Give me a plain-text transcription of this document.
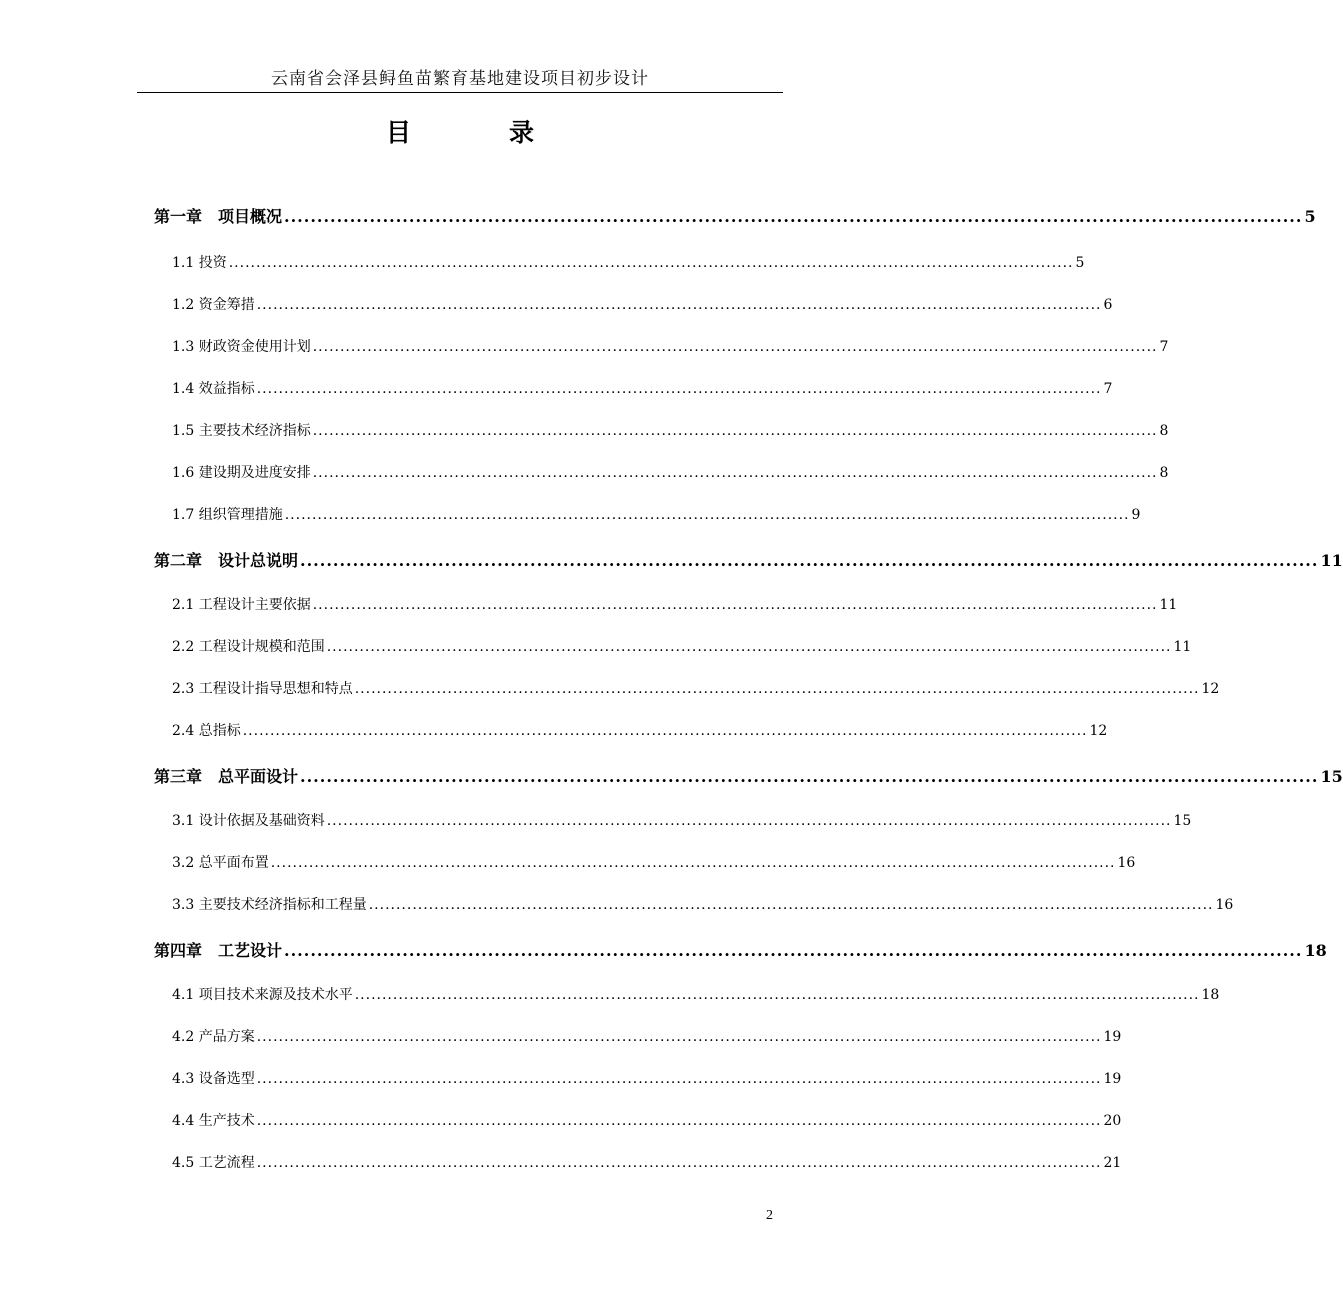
云南省会泽县鲟鱼苗繁育基地建设项目初步设计
目	录
第一章 项目概况 ........................................................................................................................................................... 5
1.1 投资 ........................................................................................................................................................... 5
1.2 资金筹措 ........................................................................................................................................................... 6
1.3 财政资金使用计划 ........................................................................................................................................................... 7
1.4 效益指标 ........................................................................................................................................................... 7
1.5 主要技术经济指标 ........................................................................................................................................................... 8
1.6 建设期及进度安排 ........................................................................................................................................................... 8
1.7 组织管理措施 ........................................................................................................................................................... 9
第二章 设计总说明 ........................................................................................................................................................... 11
2.1 工程设计主要依据 ........................................................................................................................................................... 11
2.2 工程设计规模和范围 ........................................................................................................................................................... 11
2.3 工程设计指导思想和特点 ........................................................................................................................................................... 12
2.4 总指标 ........................................................................................................................................................... 12
第三章 总平面设计 ........................................................................................................................................................... 15
3.1 设计依据及基础资料 ........................................................................................................................................................... 15
3.2 总平面布置 ........................................................................................................................................................... 16
3.3 主要技术经济指标和工程量 ........................................................................................................................................................... 16
第四章 工艺设计 ........................................................................................................................................................... 18
4.1 项目技术来源及技术水平 ........................................................................................................................................................... 18
4.2 产品方案 ........................................................................................................................................................... 19
4.3 设备选型 ........................................................................................................................................................... 19
4.4 生产技术 ........................................................................................................................................................... 20
4.5 工艺流程 ........................................................................................................................................................... 21
2
